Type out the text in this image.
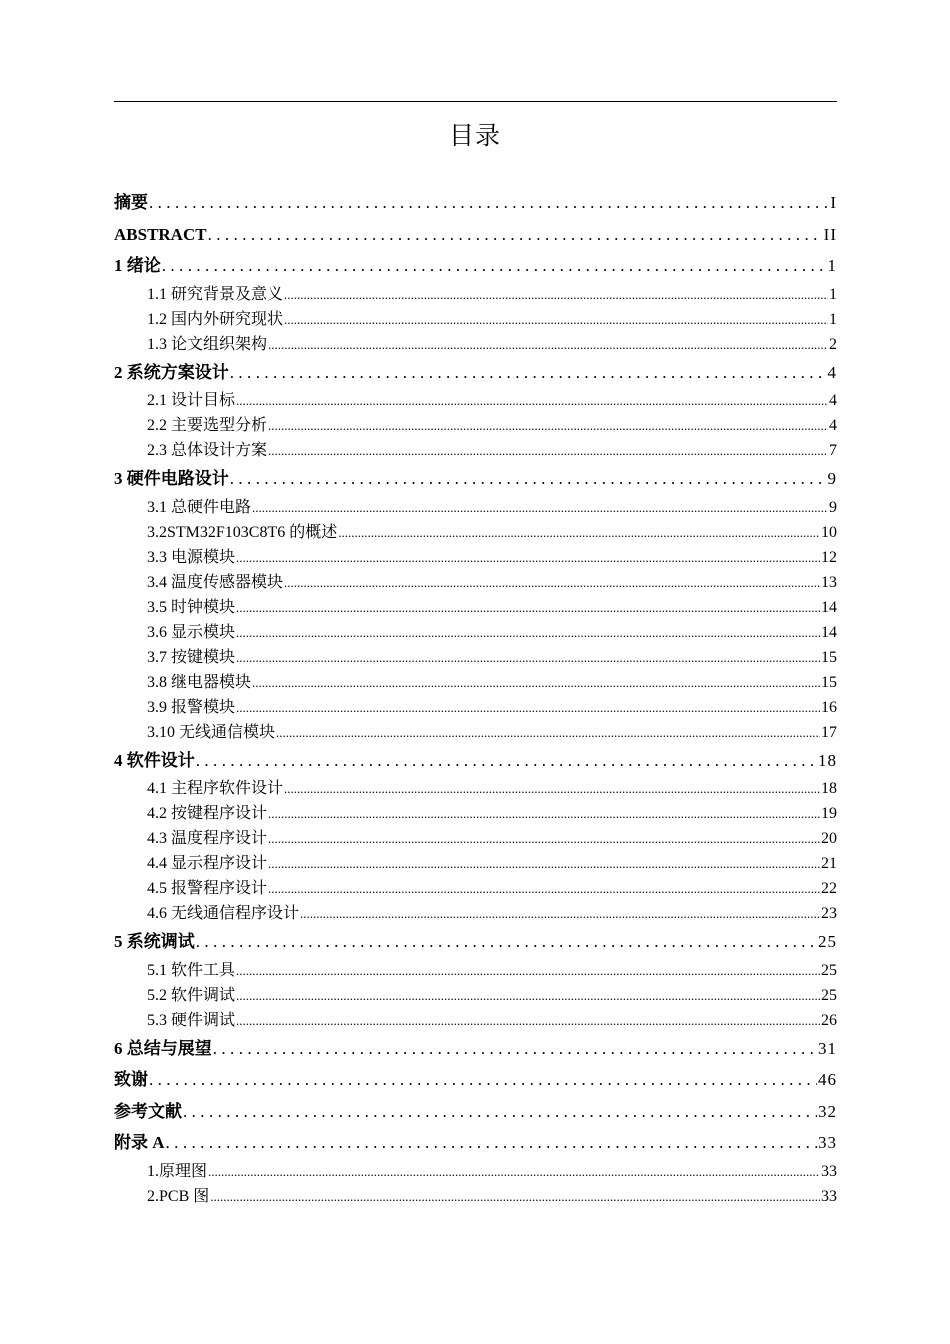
目录
摘要 .....	I
ABSTRACT .....	II
1 绪论 .....	1
1.1 研究背景及意义 .....	1
1.2 国内外研究现状 .....	1
1.3 论文组织架构 .....	2
2 系统方案设计 .....	4
2.1 设计目标 .....	4
2.2 主要选型分析 .....	4
2.3 总体设计方案 .....	7
3 硬件电路设计 .....	9
3.1 总硬件电路 .....	9
3.2STM32F103C8T6 的概述 .....	10
3.3 电源模块 .....	12
3.4 温度传感器模块 .....	13
3.5 时钟模块 .....	14
3.6 显示模块 .....	14
3.7 按键模块 .....	15
3.8 继电器模块 .....	15
3.9 报警模块 .....	16
3.10 无线通信模块 .....	17
4 软件设计 .....	18
4.1 主程序软件设计 .....	18
4.2 按键程序设计 .....	19
4.3 温度程序设计 .....	20
4.4 显示程序设计 .....	21
4.5 报警程序设计 .....	22
4.6 无线通信程序设计 .....	23
5 系统调试 .....	25
5.1 软件工具 .....	25
5.2 软件调试 .....	25
5.3 硬件调试 .....	26
6 总结与展望 .....	31
致谢 .....	46
参考文献 .....	32
附录 A .....	33
1.原理图 .....	33
2.PCB 图 .....	33
